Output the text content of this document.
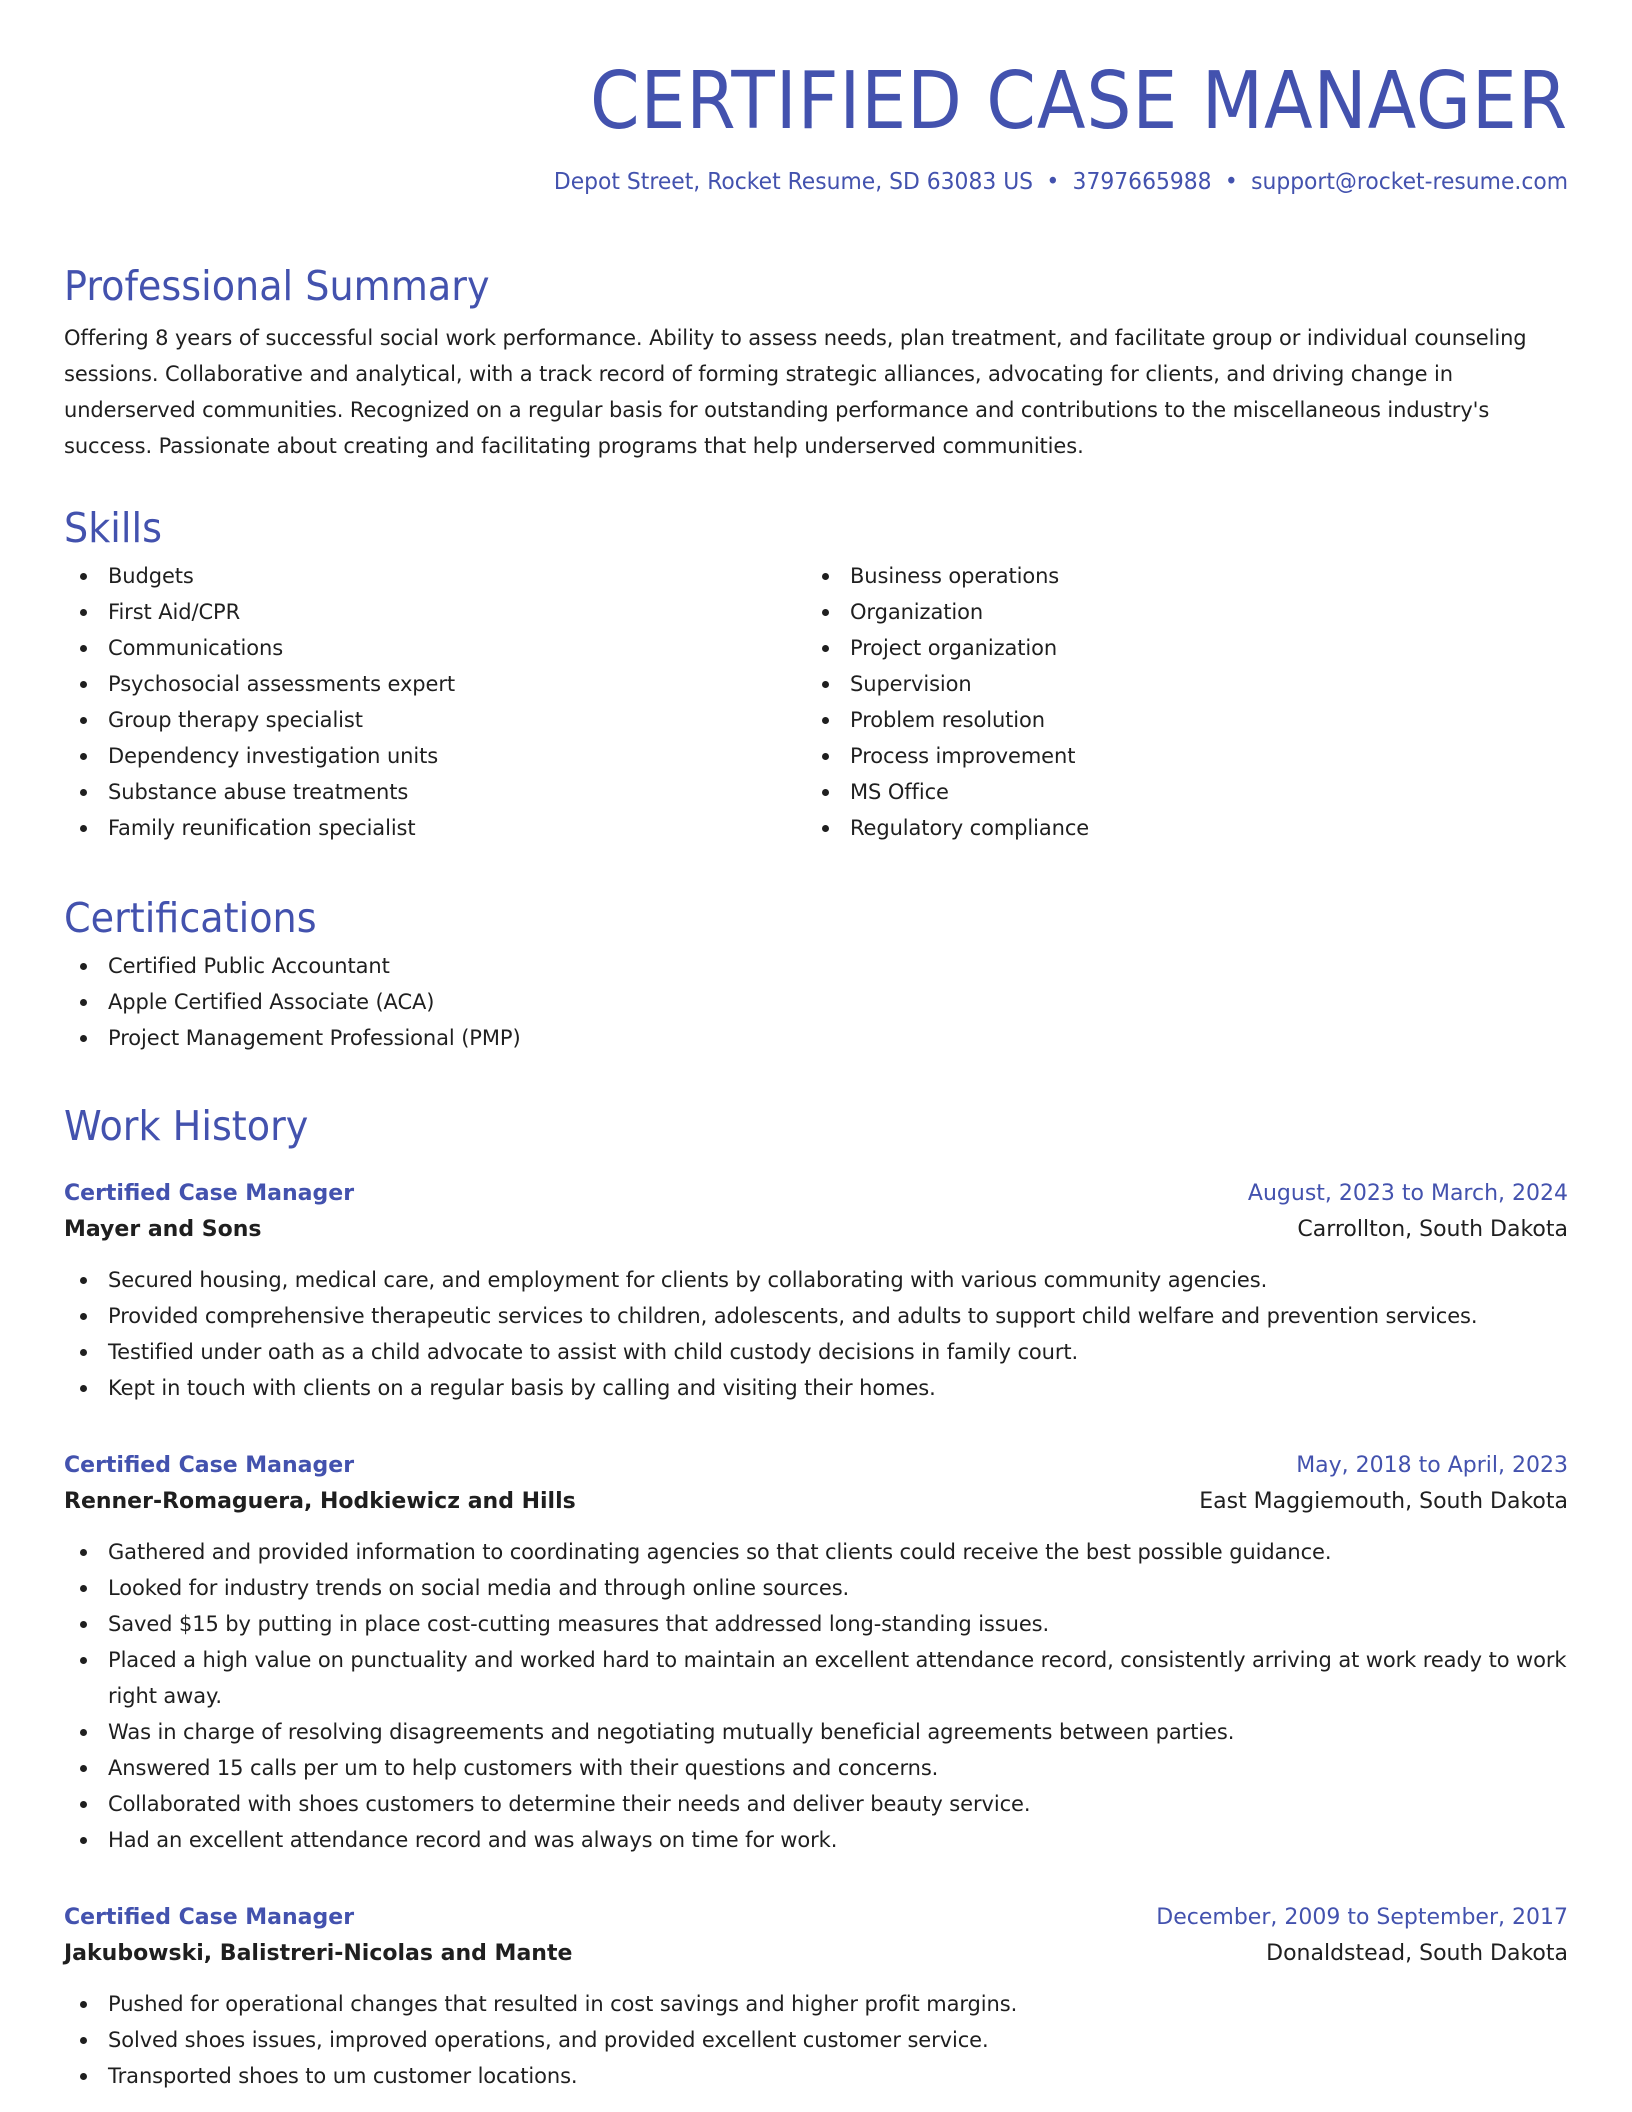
CERTIFIED CASE MANAGER
Depot Street, Rocket Resume, SD 63083 US • 3797665988 • support@rocket-resume.com
Professional Summary

Offering 8 years of successful social work performance. Ability to assess needs, plan treatment, and facilitate group or individual counseling sessions. Collaborative and analytical, with a track record of forming strategic alliances, advocating for clients, and driving change in underserved communities. Recognized on a regular basis for outstanding performance and contributions to the miscellaneous industry's success. Passionate about creating and facilitating programs that help underserved communities.

Skills
Budgets
First Aid/CPR
Communications
Psychosocial assessments expert
Group therapy specialist
Dependency investigation units
Substance abuse treatments
Family reunification specialist
Business operations
Organization
Project organization
Supervision
Problem resolution
Process improvement
MS Office
Regulatory compliance
Certifications
Certified Public Accountant
Apple Certified Associate (ACA)
Project Management Professional (PMP)
Work History
Certified Case Manager	August, 2023 to March, 2024
Mayer and Sons	Carrollton, South Dakota
Secured housing, medical care, and employment for clients by collaborating with various community agencies.
Provided comprehensive therapeutic services to children, adolescents, and adults to support child welfare and prevention services.
Testified under oath as a child advocate to assist with child custody decisions in family court.
Kept in touch with clients on a regular basis by calling and visiting their homes.
Certified Case Manager	May, 2018 to April, 2023
Renner-Romaguera, Hodkiewicz and Hills	East Maggiemouth, South Dakota
Gathered and provided information to coordinating agencies so that clients could receive the best possible guidance.
Looked for industry trends on social media and through online sources.
Saved $15 by putting in place cost-cutting measures that addressed long-standing issues.
Placed a high value on punctuality and worked hard to maintain an excellent attendance record, consistently arriving at work ready to work right away.
Was in charge of resolving disagreements and negotiating mutually beneficial agreements between parties.
Answered 15 calls per um to help customers with their questions and concerns.
Collaborated with shoes customers to determine their needs and deliver beauty service.
Had an excellent attendance record and was always on time for work.
Certified Case Manager	December, 2009 to September, 2017
Jakubowski, Balistreri-Nicolas and Mante	Donaldstead, South Dakota
Pushed for operational changes that resulted in cost savings and higher profit margins.
Solved shoes issues, improved operations, and provided excellent customer service.
Transported shoes to um customer locations.
